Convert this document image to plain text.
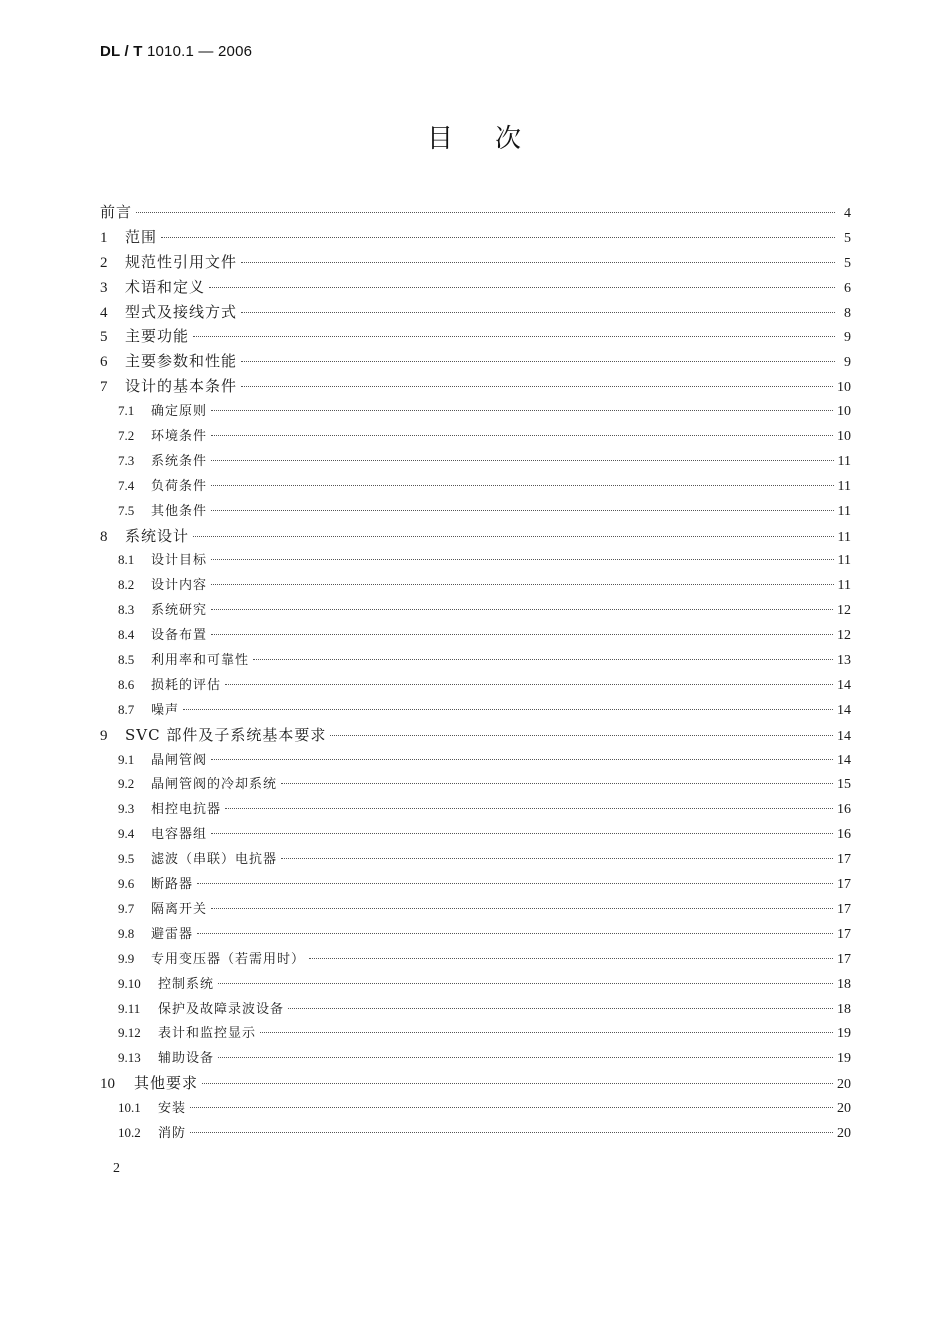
DL / T 1010.1 — 2006
目 次
前言	4
1	范围	5
2	规范性引用文件	5
3	术语和定义	6
4	型式及接线方式	8
5	主要功能	9
6	主要参数和性能	9
7	设计的基本条件	10
7.1	确定原则	10
7.2	环境条件	10
7.3	系统条件	11
7.4	负荷条件	11
7.5	其他条件	11
8	系统设计	11
8.1	设计目标	11
8.2	设计内容	11
8.3	系统研究	12
8.4	设备布置	12
8.5	利用率和可靠性	13
8.6	损耗的评估	14
8.7	噪声	14
9	SVC 部件及子系统基本要求	14
9.1	晶闸管阀	14
9.2	晶闸管阀的冷却系统	15
9.3	相控电抗器	16
9.4	电容器组	16
9.5	滤波（串联）电抗器	17
9.6	断路器	17
9.7	隔离开关	17
9.8	避雷器	17
9.9	专用变压器（若需用时）	17
9.10	控制系统	18
9.11	保护及故障录波设备	18
9.12	表计和监控显示	19
9.13	辅助设备	19
10	其他要求	20
10.1	安装	20
10.2	消防	20
2
